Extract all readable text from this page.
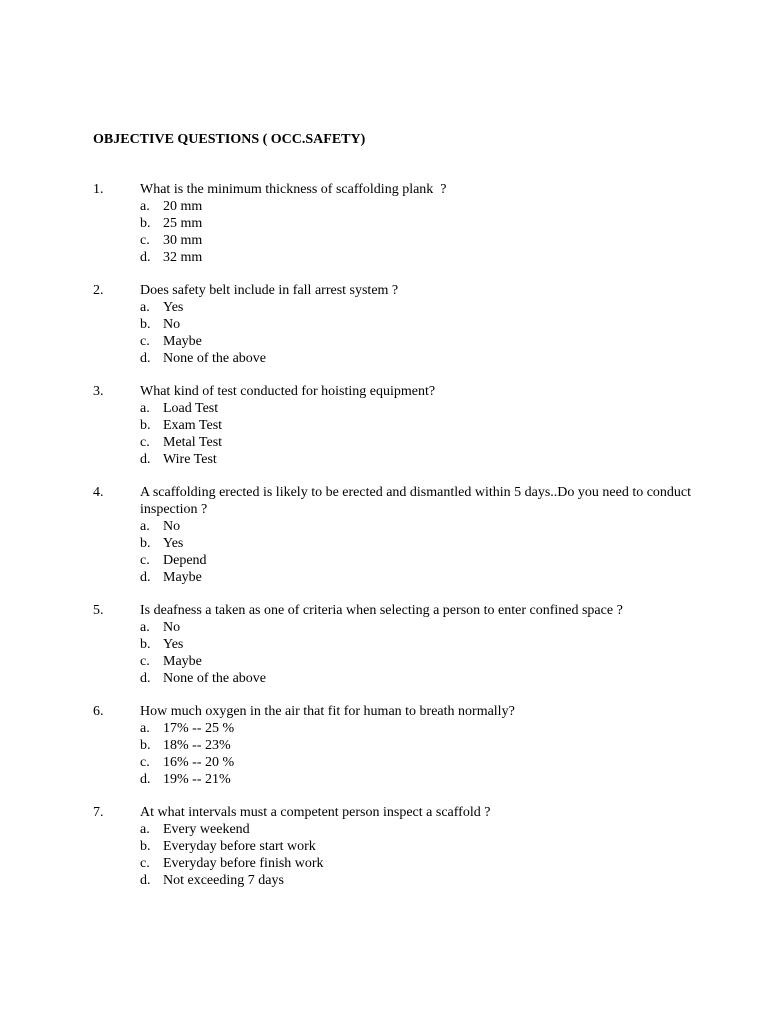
OBJECTIVE QUESTIONS ( OCC.SAFETY)
1.	What is the minimum thickness of scaffolding plank  ?
a. 20 mm
b. 25 mm
c. 30 mm
d. 32 mm
2.	Does safety belt include in fall arrest system ?
a. Yes
b. No
c. Maybe
d. None of the above
3.	What kind of test conducted for hoisting equipment?
a. Load Test
b. Exam Test
c. Metal Test
d. Wire Test
4.	A scaffolding erected is likely to be erected and dismantled within 5 days..Do you need to conduct  inspection ?
a. No
b. Yes
c. Depend
d. Maybe
5.	Is deafness a taken as one of criteria when selecting a person to enter confined space ?
a. No
b. Yes
c. Maybe
d. None of the above
6.	How much oxygen in the air that fit for human to breath normally?
a. 17% -- 25 %
b. 18% -- 23%
c. 16% -- 20 %
d. 19% -- 21%
7.	At what intervals must a competent person inspect a scaffold ?
a. Every weekend
b. Everyday before start work
c. Everyday before finish work
d. Not exceeding 7 days
